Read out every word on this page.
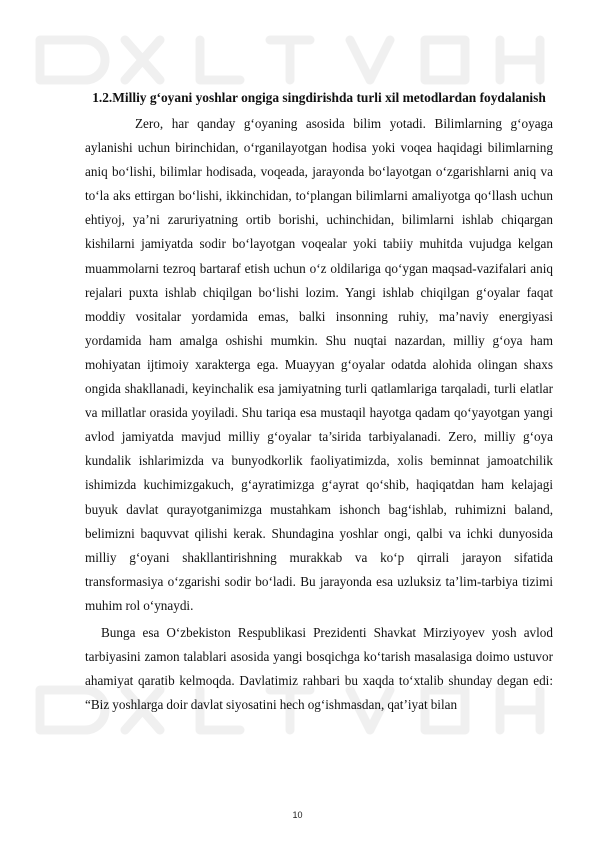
1.2.Milliy g‘oyani yoshlar ongiga singdirishda turli xil metodlardan foydalanish

Zero, har qanday g‘oyaning asosida bilim yotadi. Bilimlarning g‘oyaga aylanishi uchun birinchidan, o‘rganilayotgan hodisa yoki voqea haqidagi bilimlarning aniq bo‘lishi, bilimlar hodisada, voqeada, jarayonda bo‘layotgan o‘zgarishlarni aniq va to‘la aks ettirgan bo‘lishi, ikkinchidan, to‘plangan bilimlarni amaliyotga qo‘llash uchun ehtiyoj, ya’ni zaruriyatning ortib borishi, uchinchidan, bilimlarni ishlab chiqargan kishilarni jamiyatda sodir bo‘layotgan voqealar yoki tabiiy muhitda vujudga kelgan muammolarni tezroq bartaraf etish uchun o‘z oldilariga qo‘ygan maqsad-vazifalari aniq rejalari puxta ishlab chiqilgan bo‘lishi lozim. Yangi ishlab chiqilgan g‘oyalar faqat moddiy vositalar yordamida emas, balki insonning ruhiy, ma’naviy energiyasi yordamida ham amalga oshishi mumkin. Shu nuqtai nazardan, milliy g‘oya ham mohiyatan ijtimoiy xarakterga ega. Muayyan g‘oyalar odatda alohida olingan shaxs ongida shakllanadi, keyinchalik esa jamiyatning turli qatlamlariga tarqaladi, turli elatlar va millatlar orasida yoyiladi. Shu tariqa esa mustaqil hayotga qadam qo‘yayotgan yangi avlod jamiyatda mavjud milliy g‘oyalar ta’sirida tarbiyalanadi. Zero, milliy g‘oya kundalik ishlarimizda va bunyodkorlik faoliyatimizda, xolis beminnat jamoatchilik ishimizda kuchimizgakuch, g‘ayratimizga g‘ayrat qo‘shib, haqiqatdan ham kelajagi buyuk davlat qurayotganimizga mustahkam ishonch bag‘ishlab, ruhimizni baland, belimizni baquvvat qilishi kerak. Shundagina yoshlar ongi, qalbi va ichki dunyosida milliy g‘oyani shakllantirishning murakkab va ko‘p qirrali jarayon sifatida transformasiya o‘zgarishi sodir bo‘ladi. Bu jarayonda esa uzluksiz ta’lim-tarbiya tizimi muhim rol o‘ynaydi.

Bunga esa O‘zbekiston Respublikasi Prezidenti Shavkat Mirziyoyev yosh avlod tarbiyasini zamon talablari asosida yangi bosqichga ko‘tarish masalasiga doimo ustuvor ahamiyat qaratib kelmoqda. Davlatimiz rahbari bu xaqda to‘xtalib shunday degan edi: “Biz yoshlarga doir davlat siyosatini hech og‘ishmasdan, qat’iyat bilan

10
